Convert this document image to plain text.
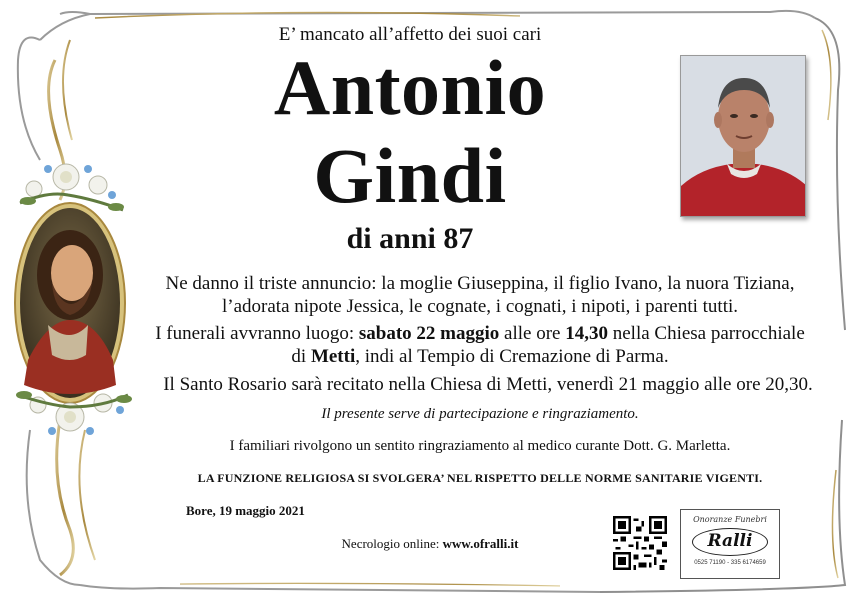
E’ mancato all’affetto dei suoi cari
Antonio
Gindi
di anni 87
Ne danno il triste annuncio: la moglie Giuseppina, il figlio Ivano, la nuora Tiziana,
l’adorata nipote Jessica, le cognate, i cognati, i nipoti, i parenti tutti.
I funerali avvranno luogo: sabato 22 maggio alle ore 14,30 nella Chiesa parrocchiale
di Metti, indi al Tempio di Cremazione di Parma.
Il Santo Rosario sarà recitato nella Chiesa di Metti, venerdì 21 maggio alle ore 20,30.
Il presente serve di partecipazione e ringraziamento.
I familiari rivolgono un sentito ringraziamento al medico curante Dott. G. Marletta.
LA FUNZIONE RELIGIOSA SI SVOLGERA’ NEL RISPETTO DELLE NORME SANITARIE VIGENTI.
Bore, 19 maggio 2021
Necrologio online: www.ofralli.it
Onoranze Funebri
Ralli
0525 71190 - 335 6174659
